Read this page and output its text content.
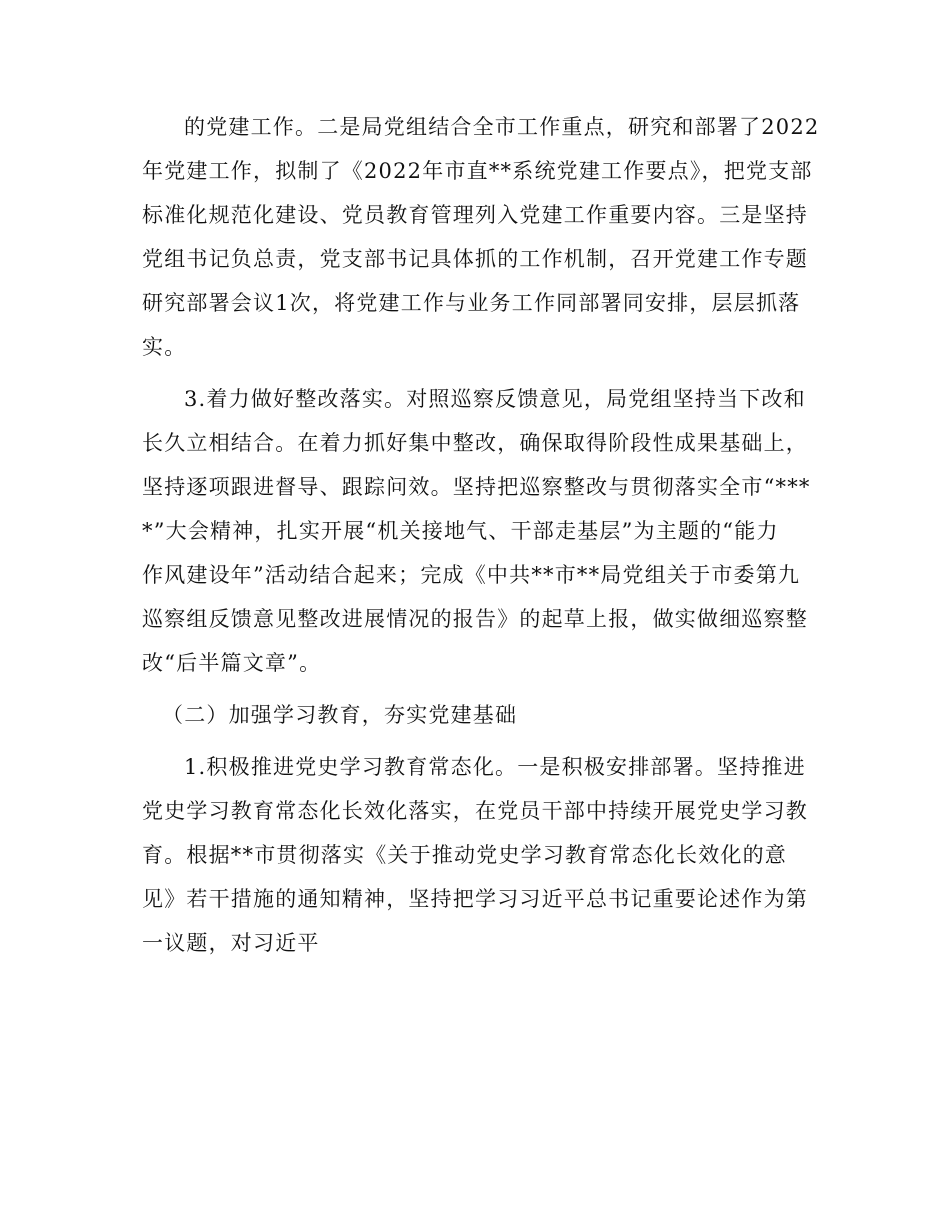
的党建工作。二是局党组结合全市工作重点，研究和部署了2022
年党建工作，拟制了《2022年市直**系统党建工作要点》，把党支部
标准化规范化建设、党员教育管理列入党建工作重要内容。三是坚持
党组书记负总责，党支部书记具体抓的工作机制，召开党建工作专题
研究部署会议1次，将党建工作与业务工作同部署同安排，层层抓落
实。
3.着力做好整改落实。对照巡察反馈意见，局党组坚持当下改和
长久立相结合。在着力抓好集中整改，确保取得阶段性成果基础上，
坚持逐项跟进督导、跟踪问效。坚持把巡察整改与贯彻落实全市“***
*”大会精神，扎实开展“机关接地气、干部走基层”为主题的“能力
作风建设年”活动结合起来；完成《中共**市**局党组关于市委第九
巡察组反馈意见整改进展情况的报告》的起草上报，做实做细巡察整
改“后半篇文章”。
（二）加强学习教育，夯实党建基础
1.积极推进党史学习教育常态化。一是积极安排部署。坚持推进
党史学习教育常态化长效化落实，在党员干部中持续开展党史学习教
育。根据**市贯彻落实《关于推动党史学习教育常态化长效化的意
见》若干措施的通知精神，坚持把学习习近平总书记重要论述作为第
一议题，对习近平
